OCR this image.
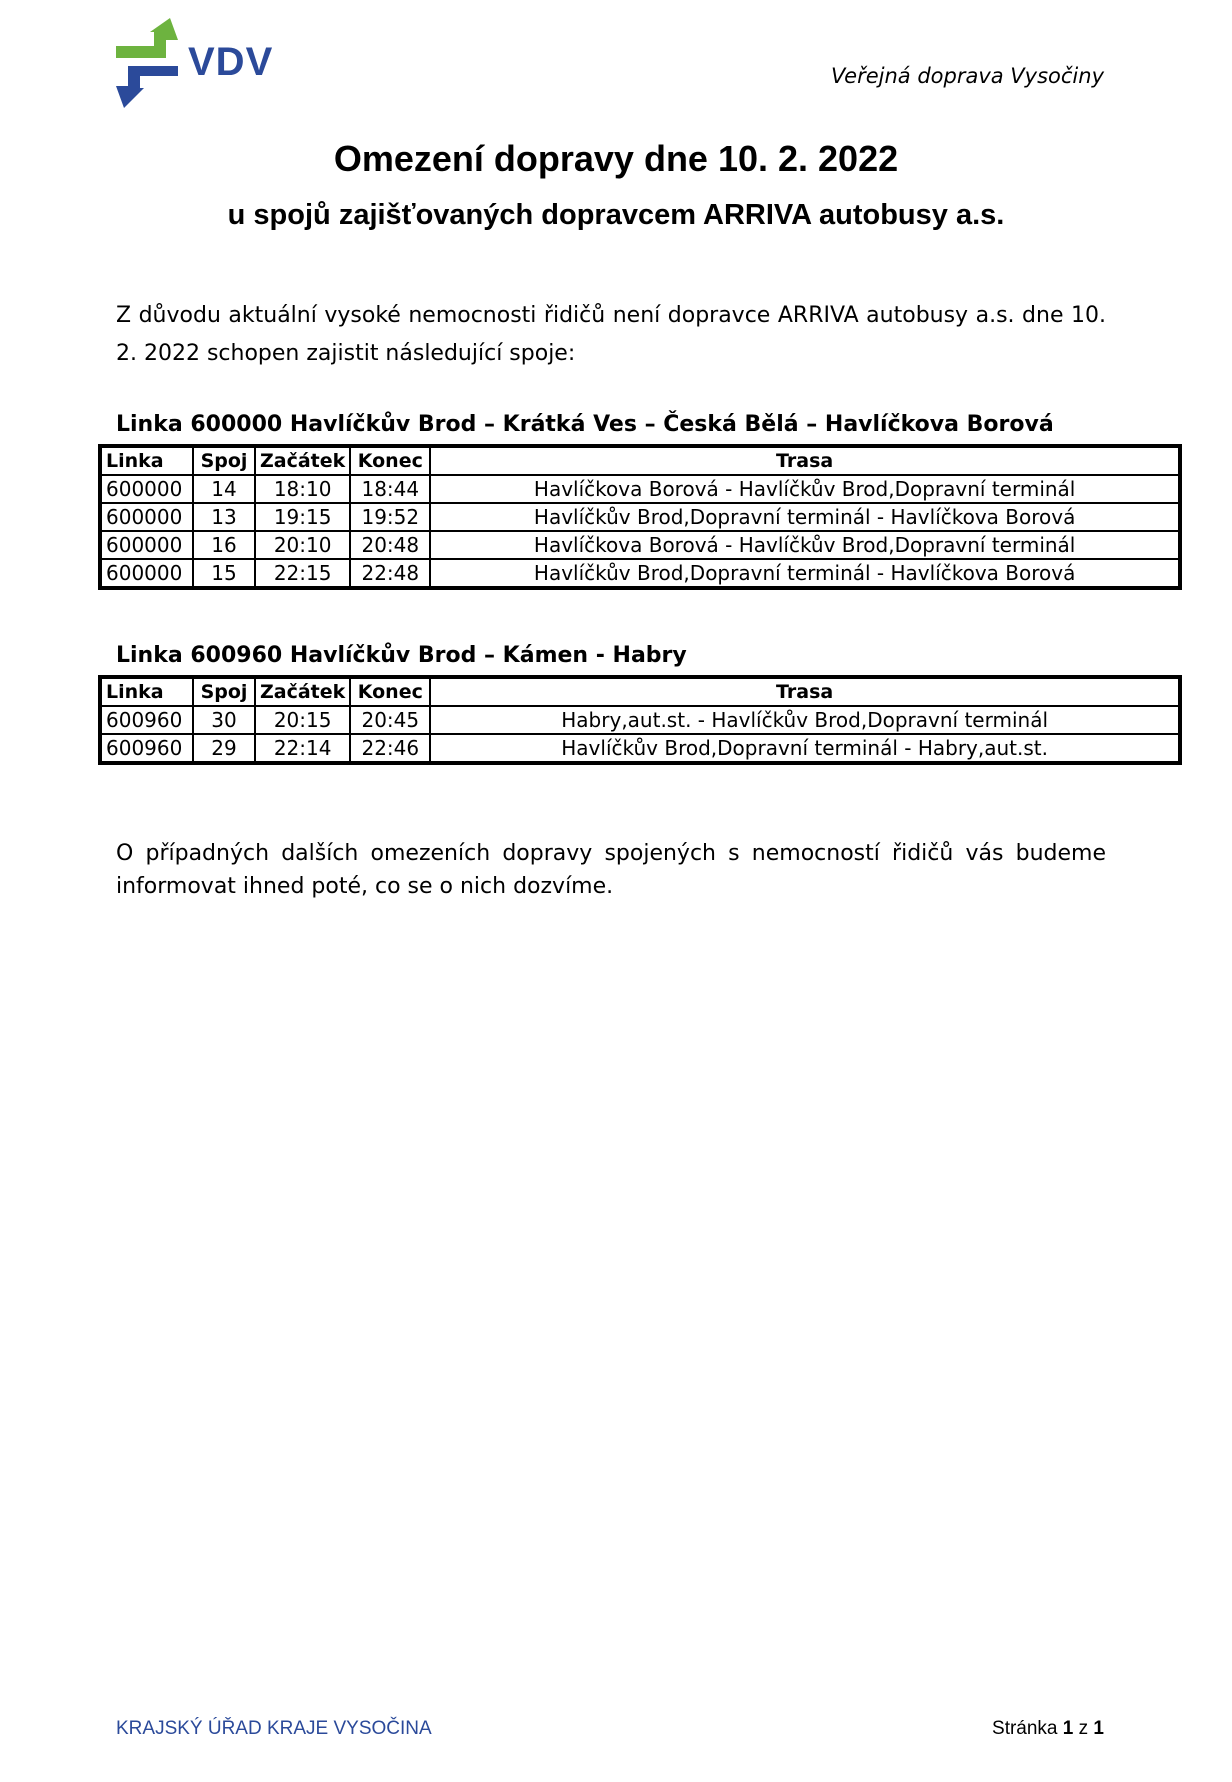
VDV	Veřejná doprava Vysočiny
Omezení dopravy dne 10. 2. 2022
u spojů zajišťovaných dopravcem ARRIVA autobusy a.s.
Z důvodu aktuální vysoké nemocnosti řidičů není dopravce ARRIVA autobusy a.s. dne 10. 2. 2022 schopen zajistit následující spoje:
Linka 600000 Havlíčkův Brod – Krátká Ves – Česká Bělá – Havlíčkova Borová
Linka	Spoj	Začátek	Konec	Trasa
600000	14	18:10	18:44	Havlíčkova Borová - Havlíčkův Brod,Dopravní terminál
600000	13	19:15	19:52	Havlíčkův Brod,Dopravní terminál - Havlíčkova Borová
600000	16	20:10	20:48	Havlíčkova Borová - Havlíčkův Brod,Dopravní terminál
600000	15	22:15	22:48	Havlíčkův Brod,Dopravní terminál - Havlíčkova Borová
Linka 600960 Havlíčkův Brod – Kámen - Habry
Linka	Spoj	Začátek	Konec	Trasa
600960	30	20:15	20:45	Habry,aut.st. - Havlíčkův Brod,Dopravní terminál
600960	29	22:14	22:46	Havlíčkův Brod,Dopravní terminál - Habry,aut.st.
O případných dalších omezeních dopravy spojených s nemocností řidičů vás budeme informovat ihned poté, co se o nich dozvíme.
KRAJSKÝ ÚŘAD KRAJE VYSOČINA	Stránka 1 z 1
